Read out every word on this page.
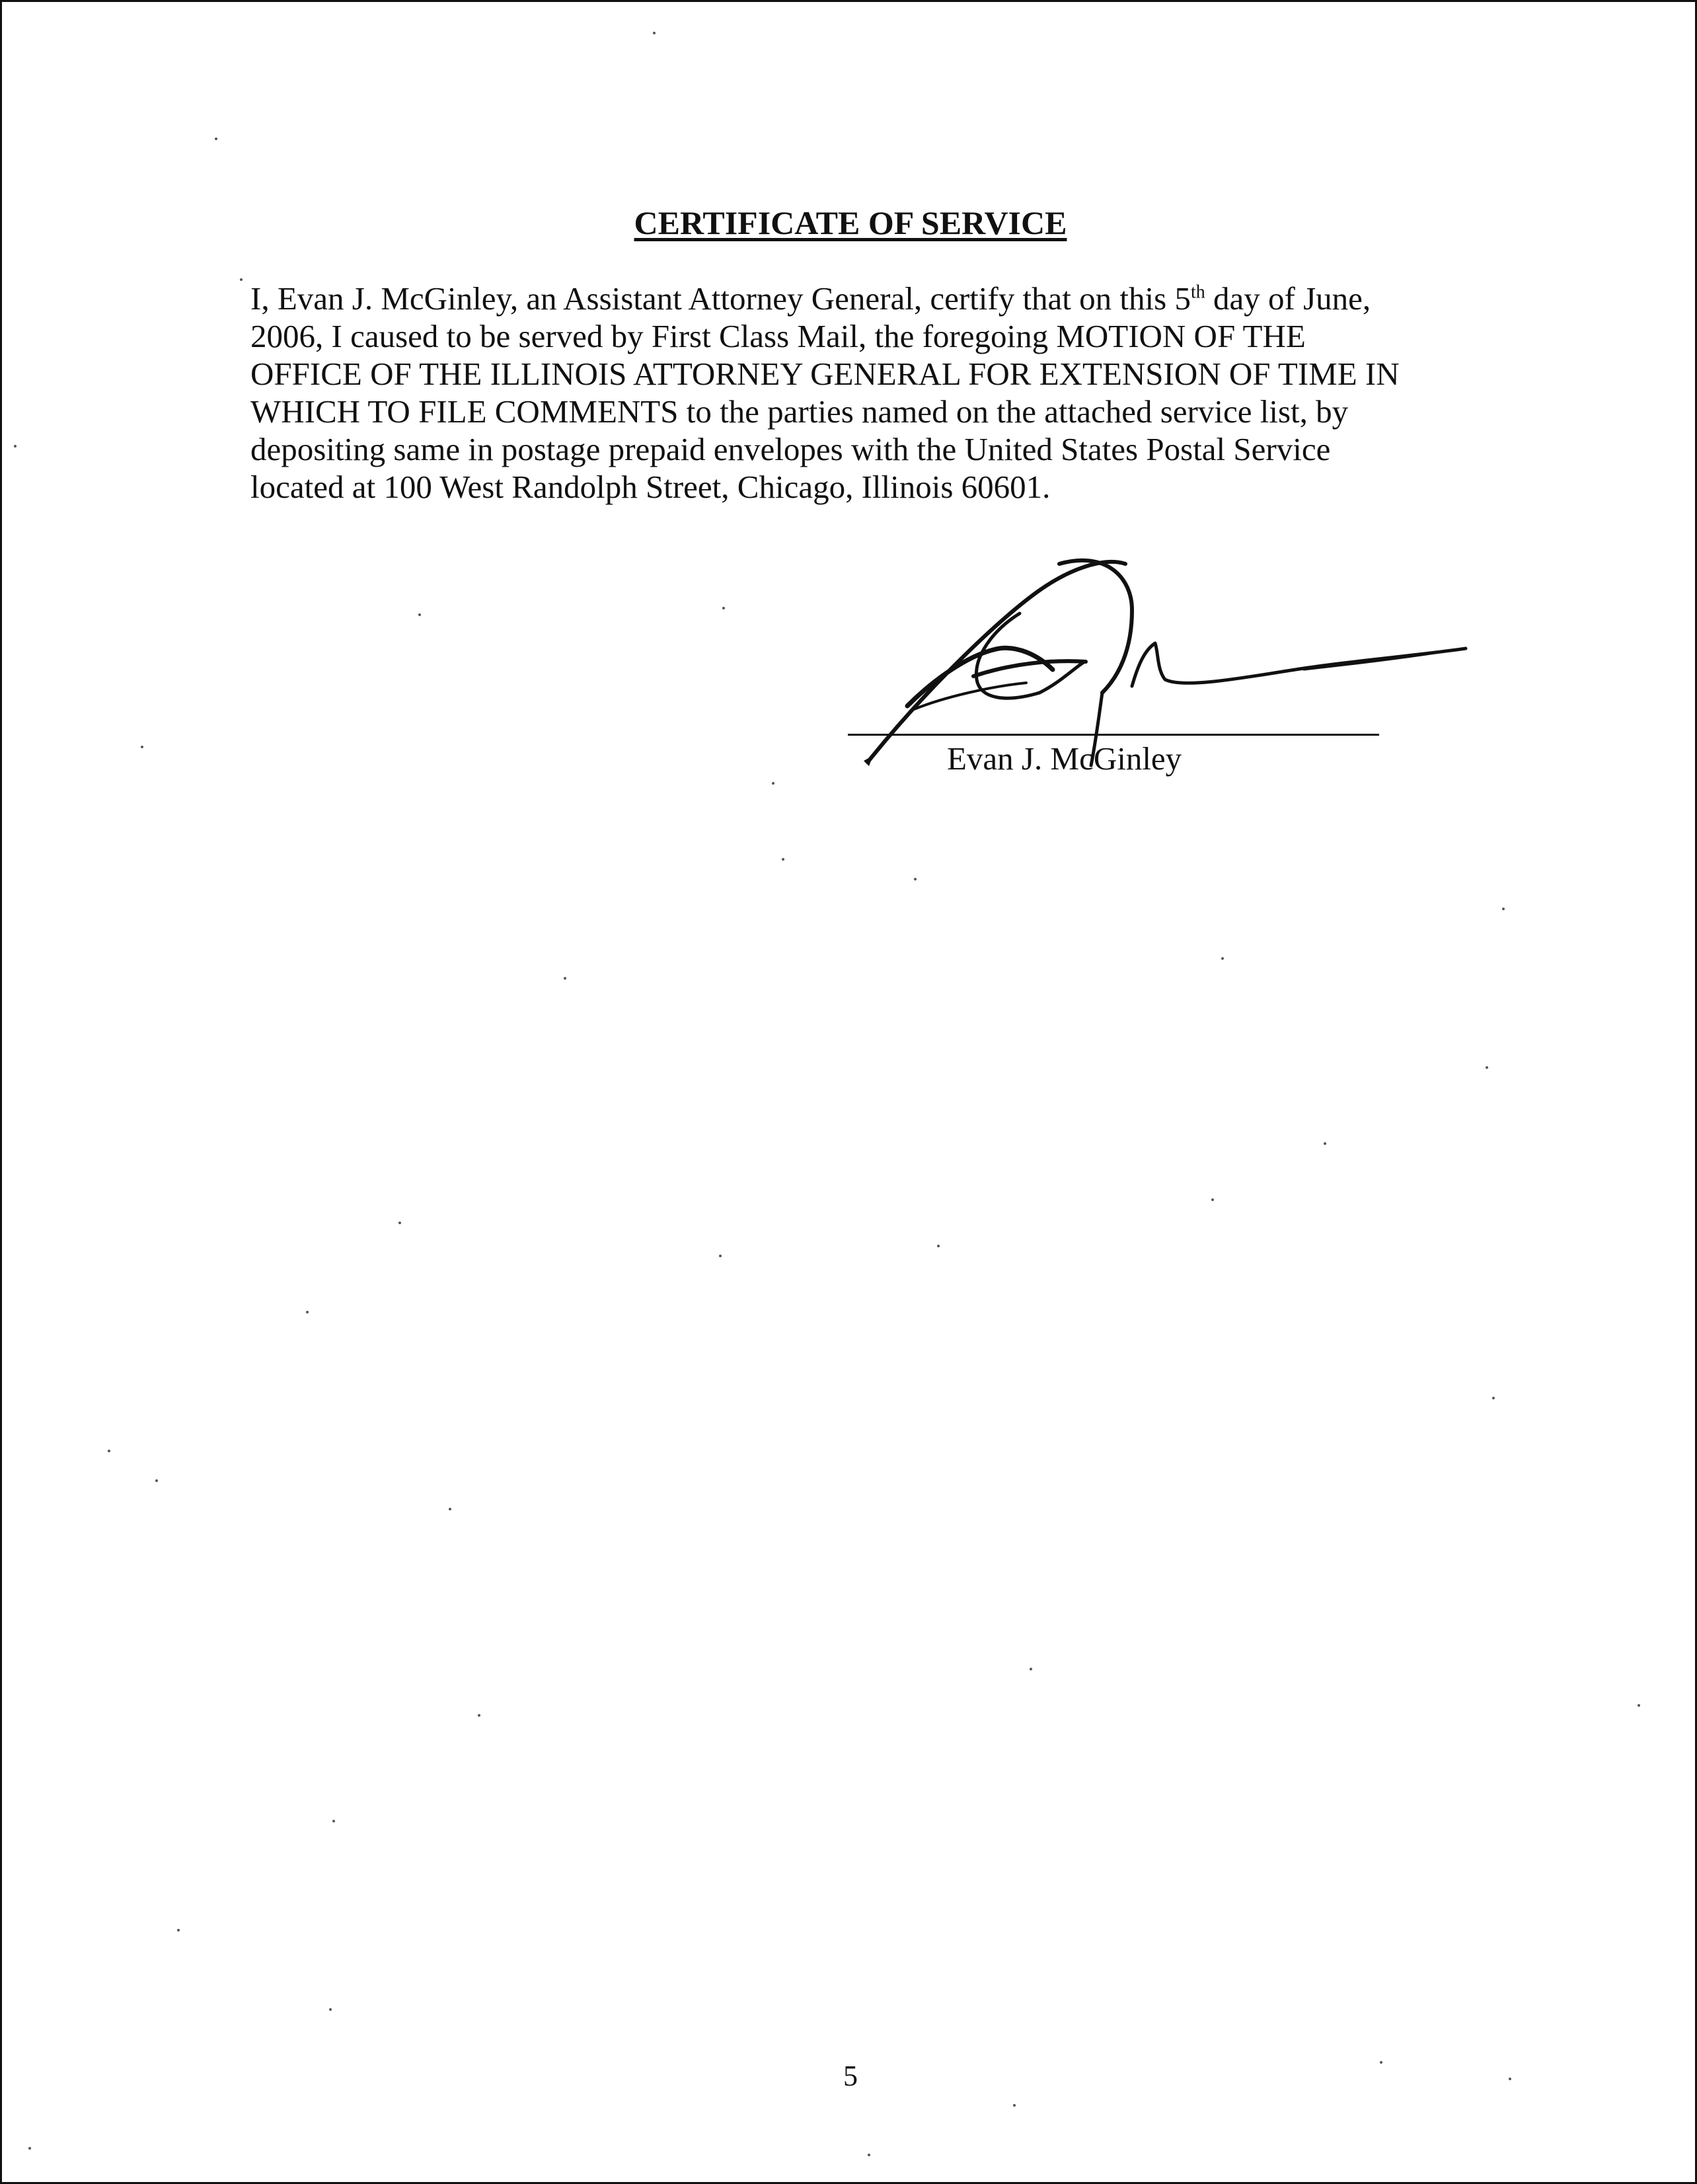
CERTIFICATE OF SERVICE

I, Evan J. McGinley, an Assistant Attorney General, certify that on this 5th day of June,
2006, I caused to be served by First Class Mail, the foregoing MOTION OF THE
OFFICE OF THE ILLINOIS ATTORNEY GENERAL FOR EXTENSION OF TIME IN
WHICH TO FILE COMMENTS to the parties named on the attached service list, by
depositing same in postage prepaid envelopes with the United States Postal Service
located at 100 West Randolph Street, Chicago, Illinois 60601.

Evan J. McGinley
5
